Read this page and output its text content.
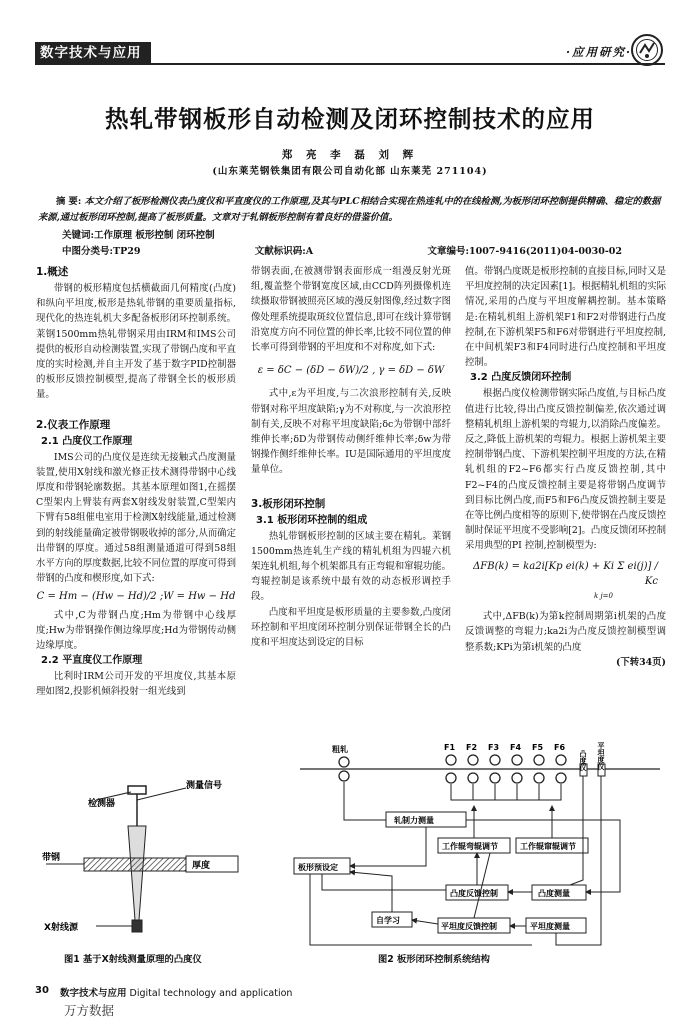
数字技术与应用	·应用研究·
热轧带钢板形自动检测及闭环控制技术的应用
郑 亮 李 磊 刘 辉
(山东莱芜钢铁集团有限公司自动化部 山东莱芜 271104)
摘 要: 本文介绍了板形检测仪表凸度仪和平直度仪的工作原理,及其与PLC相结合实现在热连轧中的在线检测,为板形闭环控制提供精确、稳定的数据来源,通过板形闭环控制,提高了板形质量。文章对于轧钢板形控制有着良好的借鉴价值。
关键词:工作原理 板形控制 闭环控制
中图分类号:TP29	文献标识码:A	文章编号:1007-9416(2011)04-0030-02
1.概述

带钢的板形精度包括横截面几何精度(凸度)和纵向平坦度,板形是热轧带钢的重要质量指标,现代化的热连轧机大多配备板形闭环控制系统。莱钢1500mm热轧带钢采用由IRM和IMS公司提供的板形自动检测装置,实现了带钢凸度和平直度的实时检测,并自主开发了基于数字PID控制器的板形反馈控制模型,提高了带钢全长的板形质量。

2.仪表工作原理
2.1 凸度仪工作原理

IMS公司的凸度仪是连续无接触式凸度测量装置,使用X射线和激光修正技术测得带钢中心线厚度和带钢轮廓数据。其基本原理如图1,在摇摆C型架内上臂装有两套X射线发射装置,C型架内下臂有58组催电室用于检测X射线能量,通过检测到的射线能量确定被带钢吸收掉的部分,从而确定出带钢的厚度。通过58组测量通道可得到58组水平方向的厚度数据,比较不同位置的厚度可得到带钢的凸度和楔形度,如下式:

C = Hm − (Hw − Hd)/2 ;W = Hw − Hd

式中,C为带钢凸度;Hm为带钢中心线厚度;Hw为带钢操作侧边缘厚度;Hd为带钢传动侧边缘厚度。

2.2 平直度仪工作原理

比利时IRM公司开发的平坦度仪,其基本原理如图2,投影机倾斜投射一组光线到

带钢表面,在被测带钢表面形成一组漫反射光斑组,覆盖整个带钢宽度区域,由CCD阵列摄像机连续摄取带钢被照亮区域的漫反射图像,经过数字图像处理系统提取斑纹位置信息,即可在线计算带钢沿宽度方向不同位置的伸长率,比较不同位置的伸长率可得到带钢的平坦度和不对称度,如下式:

ε = δC − (δD − δW)/2 , γ = δD − δW

式中,ε为平坦度,与二次浪形控制有关,反映带钢对称平坦度缺陷;γ为不对称度,与一次浪形控制有关,反映不对称平坦度缺陷;δc为带钢中部纤维伸长率;δD为带钢传动侧纤维伸长率;δw为带钢操作侧纤维伸长率。IU是国际通用的平坦度度量单位。

3.板形闭环控制
3.1 板形闭环控制的组成

热轧带钢板形控制的区域主要在精轧。莱钢1500mm热连轧生产线的精轧机组为四辊六机架连轧机组,每个机架都具有正弯辊和窜辊功能。弯辊控制是该系统中最有效的动态板形调控手段。

凸度和平坦度是板形质量的主要参数,凸度闭环控制和平坦度闭环控制分别保证带钢全长的凸度和平坦度达到设定的目标

值。带钢凸度既是板形控制的直接目标,同时又是平坦度控制的决定因素[1]。根据精轧机组的实际情况,采用的凸度与平坦度解耦控制。基本策略是:在精轧机组上游机架F1和F2对带钢进行凸度控制,在下游机架F5和F6对带钢进行平坦度控制,在中间机架F3和F4同时进行凸度控制和平坦度控制。

3.2 凸度反馈闭环控制

根据凸度仪检测带钢实际凸度值,与目标凸度值进行比较,得出凸度反馈控制偏差,依次通过调整精轧机组上游机架的弯辊力,以消除凸度偏差。反之,降低上游机架的弯辊力。根据上游机架主要控制带钢凸度、下游机架控制平坦度的方法,在精轧机组的F2~F6都实行凸度反馈控制,其中F2~F4的凸度反馈控制主要是将带钢凸度调节到目标比例凸度,而F5和F6凸度反馈控制主要是在等比例凸度相等的原则下,使带钢在凸度反馈控制时保证平坦度不受影响[2]。凸度反馈闭环控制采用典型的PI 控制,控制模型为:

ΔFB(k) = ka2i[Kp ei(k) + Ki Σ ei(j)] / Kc
k j=0

式中,ΔFB(k)为第k控制周期第i机架的凸度反馈调整的弯辊力;ka2i为凸度反馈控制模型调整系数;KPi为第i机架的凸度

(下转34页)
检测器
测量信号
带钢
厚度
X射线源
图1 基于X射线测量原理的凸度仪
粗轧	F1 F2 F3 F4 F5 F6
凸度仪 平坦度仪
轧制力测量
工作辊弯辊调节	工作辊窜辊调节
板形预设定
凸度反馈控制	凸度测量
自学习
平坦度反馈控制	平坦度测量
图2 板形闭环控制系统结构
30 数字技术与应用 Digital technology and application
万方数据
